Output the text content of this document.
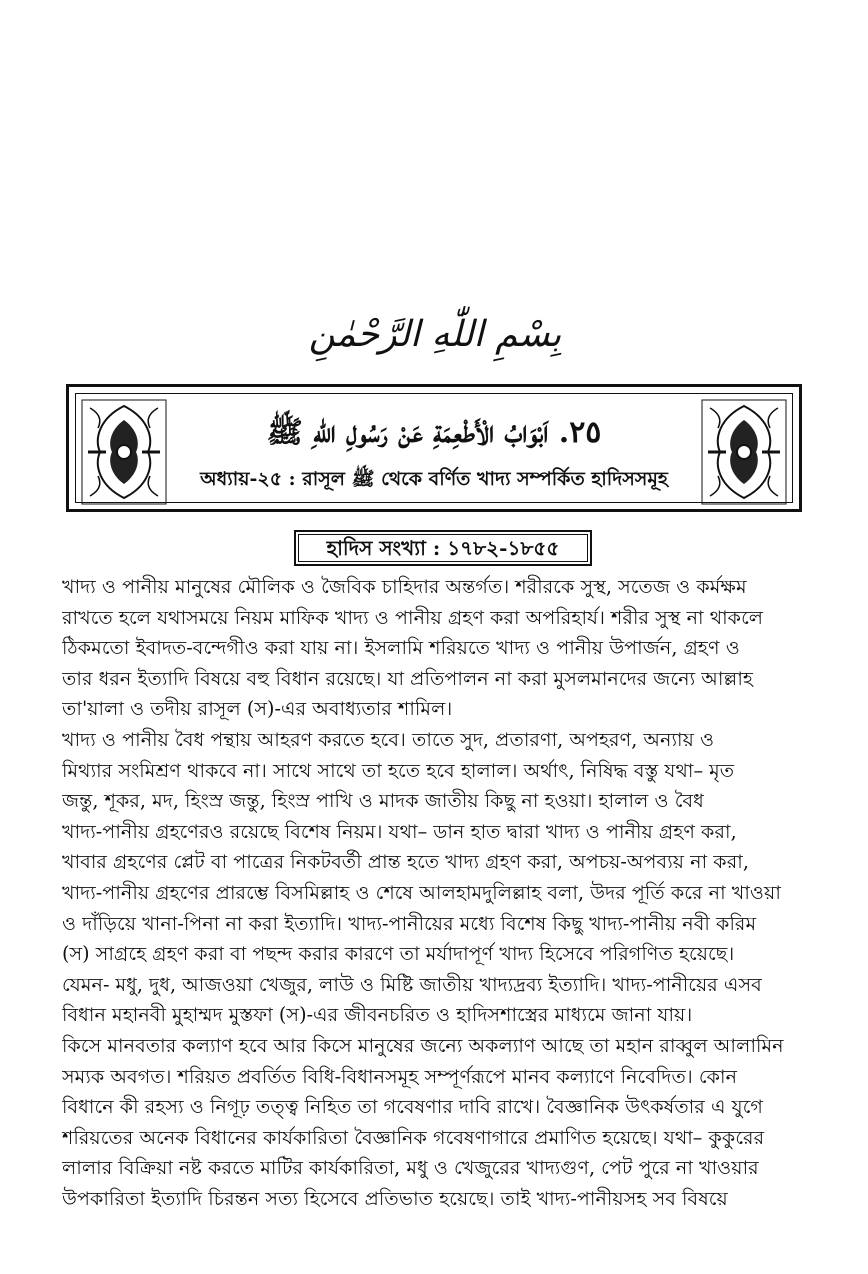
بِسْمِ اللّٰهِ الرَّحْمٰنِ
٢٥. اَبْوَابُ الْأَطْعِمَةِ عَنْ رَسُولِ اللهِ ﷺ
অধ্যায়-২৫ : রাসূল ﷺ থেকে বর্ণিত খাদ্য সম্পর্কিত হাদিসসমূহ
হাদিস সংখ্যা : ১৭৮২-১৮৫৫

খাদ্য ও পানীয় মানুষের মৌলিক ও জৈবিক চাহিদার অন্তর্গত। শরীরকে সুস্থ, সতেজ ও কর্মক্ষম

রাখতে হলে যথাসময়ে নিয়ম মাফিক খাদ্য ও পানীয় গ্রহণ করা অপরিহার্য। শরীর সুস্থ না থাকলে

ঠিকমতো ইবাদত-বন্দেগীও করা যায় না। ইসলামি শরিয়তে খাদ্য ও পানীয় উপার্জন, গ্রহণ ও

তার ধরন ইত্যাদি বিষয়ে বহু বিধান রয়েছে। যা প্রতিপালন না করা মুসলমানদের জন্যে আল্লাহ

তা'য়ালা ও তদীয় রাসূল (স)-এর অবাধ্যতার শামিল।

খাদ্য ও পানীয় বৈধ পন্থায় আহরণ করতে হবে। তাতে সুদ, প্রতারণা, অপহরণ, অন্যায় ও

মিথ্যার সংমিশ্রণ থাকবে না। সাথে সাথে তা হতে হবে হালাল। অর্থাৎ, নিষিদ্ধ বস্তু যথা– মৃত

জন্তু, শূকর, মদ, হিংস্র জন্তু, হিংস্র পাখি ও মাদক জাতীয় কিছু না হওয়া। হালাল ও বৈধ

খাদ্য-পানীয় গ্রহণেরও রয়েছে বিশেষ নিয়ম। যথা– ডান হাত দ্বারা খাদ্য ও পানীয় গ্রহণ করা,

খাবার গ্রহণের প্লেট বা পাত্রের নিকটবর্তী প্রান্ত হতে খাদ্য গ্রহণ করা, অপচয়-অপব্যয় না করা,

খাদ্য-পানীয় গ্রহণের প্রারম্ভে বিসমিল্লাহ ও শেষে আলহামদুলিল্লাহ বলা, উদর পূর্তি করে না খাওয়া

ও দাঁড়িয়ে খানা-পিনা না করা ইত্যাদি। খাদ্য-পানীয়ের মধ্যে বিশেষ কিছু খাদ্য-পানীয় নবী করিম

(স) সাগ্রহে গ্রহণ করা বা পছন্দ করার কারণে তা মর্যাদাপূর্ণ খাদ্য হিসেবে পরিগণিত হয়েছে।

যেমন- মধু, দুধ, আজওয়া খেজুর, লাউ ও মিষ্টি জাতীয় খাদ্যদ্রব্য ইত্যাদি। খাদ্য-পানীয়ের এসব

বিধান মহানবী মুহাম্মদ মুস্তফা (স)-এর জীবনচরিত ও হাদিসশাস্ত্রের মাধ্যমে জানা যায়।

কিসে মানবতার কল্যাণ হবে আর কিসে মানুষের জন্যে অকল্যাণ আছে তা মহান রাব্বুল আলামিন

সম্যক অবগত। শরিয়ত প্রবর্তিত বিধি-বিধানসমূহ সম্পূর্ণরূপে মানব কল্যাণে নিবেদিত। কোন

বিধানে কী রহস্য ও নিগূঢ় তত্ত্ব নিহিত তা গবেষণার দাবি রাখে। বৈজ্ঞানিক উৎকর্ষতার এ যুগে

শরিয়তের অনেক বিধানের কার্যকারিতা বৈজ্ঞানিক গবেষণাগারে প্রমাণিত হয়েছে। যথা– কুকুরের

লালার বিক্রিয়া নষ্ট করতে মাটির কার্যকারিতা, মধু ও খেজুরের খাদ্যগুণ, পেট পুরে না খাওয়ার

উপকারিতা ইত্যাদি চিরন্তন সত্য হিসেবে প্রতিভাত হয়েছে। তাই খাদ্য-পানীয়সহ সব বিষয়ে
